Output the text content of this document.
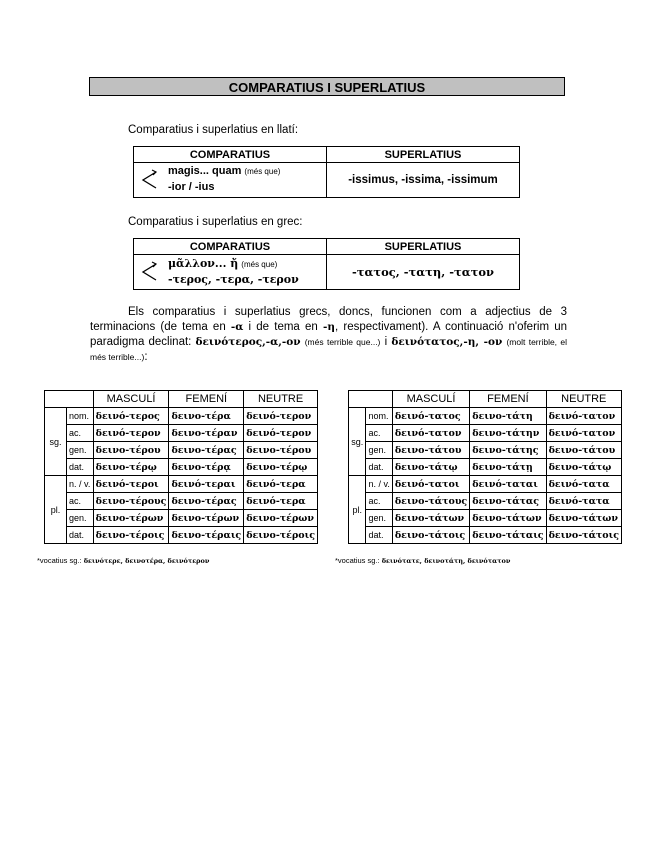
COMPARATIUS I SUPERLATIUS
Comparatius i superlatius en llatí:
COMPARATIUS	SUPERLATIUS

magis... quam (més que)
-ior / -ius	-issimus, -issima, -issimum
Comparatius i superlatius en grec:
COMPARATIUS	SUPERLATIUS

μᾶλλον... ἤ (més que)
-τερος, -τερα, -τερον	-τατος, -τατη, -τατον
Els comparatius i superlatius grecs, doncs, funcionen com a adjectius de 3 terminacions (de tema en -α i de tema en -η, respectivament). A continuació n'oferim un paradigma declinat: δεινότερος,-α,-ον (més terrible que...) i δεινότατος,-η, -ον (molt terrible, el més terrible...):
		MASCULÍ	FEMENÍ	NEUTRE
sg.	nom.	δεινό-τερος	δεινο-τέρα	δεινό-τερον
	ac.	δεινό-τερον	δεινο-τέραν	δεινό-τερον
	gen.	δεινο-τέρου	δεινο-τέρας	δεινο-τέρου
	dat.	δεινο-τέρῳ	δεινο-τέρᾳ	δεινο-τέρῳ
pl.	n. / v.	δεινό-τεροι	δεινό-τεραι	δεινό-τερα
	ac.	δεινο-τέρους	δεινο-τέρας	δεινό-τερα
	gen.	δεινο-τέρων	δεινο-τέρων	δεινο-τέρων
	dat.	δεινο-τέροις	δεινο-τέραις	δεινο-τέροις
		MASCULÍ	FEMENÍ	NEUTRE
sg.	nom.	δεινό-τατος	δεινο-τάτη	δεινό-τατον
	ac.	δεινό-τατον	δεινο-τάτην	δεινό-τατον
	gen.	δεινο-τάτου	δεινο-τάτης	δεινο-τάτου
	dat.	δεινο-τάτῳ	δεινο-τάτῃ	δεινο-τάτῳ
pl.	n. / v.	δεινό-τατοι	δεινό-ταται	δεινό-τατα
	ac.	δεινο-τάτους	δεινο-τάτας	δεινό-τατα
	gen.	δεινο-τάτων	δεινο-τάτων	δεινο-τάτων
	dat.	δεινο-τάτοις	δεινο-τάταις	δεινο-τάτοις
*vocatius sg.: δεινότερε, δεινοτέρα, δεινότερον	*vocatius sg.: δεινότατε, δεινοτάτη, δεινότατον
